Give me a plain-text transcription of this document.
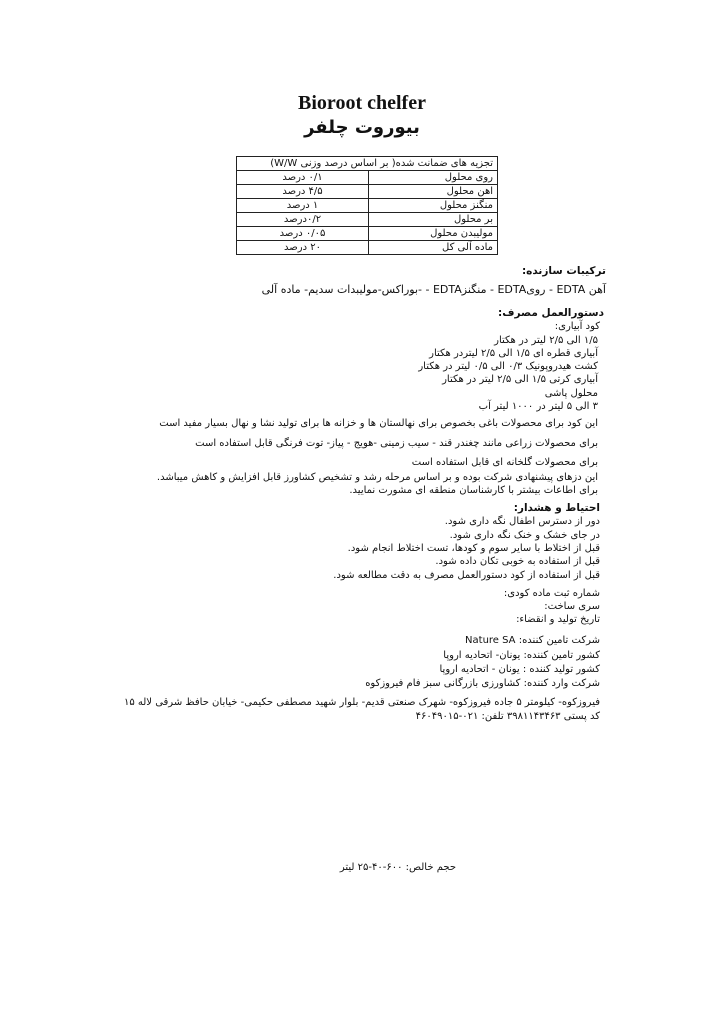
Bioroot chelfer
بیوروت چلفر
تجزیه های ضمانت شده( بر اساس درصد وزنی W/W)	
روی محلول	۰/۱ درصد
اهن محلول	۴/۵ درصد
منگنز محلول	۱ درصد
بر محلول	۰/۲درصد
مولیبدن محلول	۰/۰۵ درصد
ماده آلی کل	۲۰ درصد
ترکیبات سازنده:
آهن EDTA - رویEDTA - منگنزEDTA - -بوراکس-مولیبدات سدیم- ماده آلی
دستورالعمل مصرف:
کود آبیاری:
۱/۵ الی ۲/۵ لیتر در هکتار
آبیاری قطره ای ۱/۵ الی ۲/۵ لیتردر هکتار
کشت هیدروپونیک ۰/۳ الی ۰/۵ لیتر در هکتار
آبیاری کرتی ۱/۵ الی ۲/۵ لیتر در هکتار
محلول پاشی
۳ الی ۵ لیتر در ۱۰۰۰ لیتر آب
این کود برای محصولات باغی بخصوص برای نهالستان ها و خزانه ها برای تولید نشا و نهال بسیار مفید است
برای محصولات زراعی مانند چغندر قند - سیب زمینی -هویج - پیاز- توت فرنگی قابل استفاده است
برای محصولات گلخانه ای قابل استفاده است
این دزهای پیشنهادی شرکت بوده و بر اساس مرحله رشد و تشخیص کشاورز قابل افزایش و کاهش میباشد.
برای اطاعات بیشتر با کارشناسان منطقه ای مشورت نمایید.
احتیاط و هشدار:
دور از دسترس اطفال نگه داری شود.
در جای خشک و خنک نگه داری شود.
قبل از اختلاط با سایر سوم و کودها، تست اختلاط انجام شود.
قبل از استفاده به خوبی تکان داده شود.
قبل از استفاده از کود دستورالعمل مصرف به دقت مطالعه شود.
شماره ثبت ماده کودی:
سری ساخت:
تاریخ تولید و انقضاء:
شرکت تامین کننده: Nature SA
کشور تامین کننده: یونان- اتحادیه اروپا
کشور تولید کننده : یونان - اتحادیه اروپا
شرکت وارد کننده: کشاورزی بازرگانی سبز فام فیروزکوه
فیروزکوه- کیلومتر ۵ جاده فیروزکوه- شهرک صنعتی قدیم- بلوار شهید مصطفی حکیمی- خیابان حافظ شرقی لاله ۱۵
کد پستی ۳۹۸۱۱۴۳۴۶۳ تلفن: ۰۲۱-۴۶۰۴۹۰۱۵
حجم خالص: ۶۰۰-۴۰-۲۵ لیتر
